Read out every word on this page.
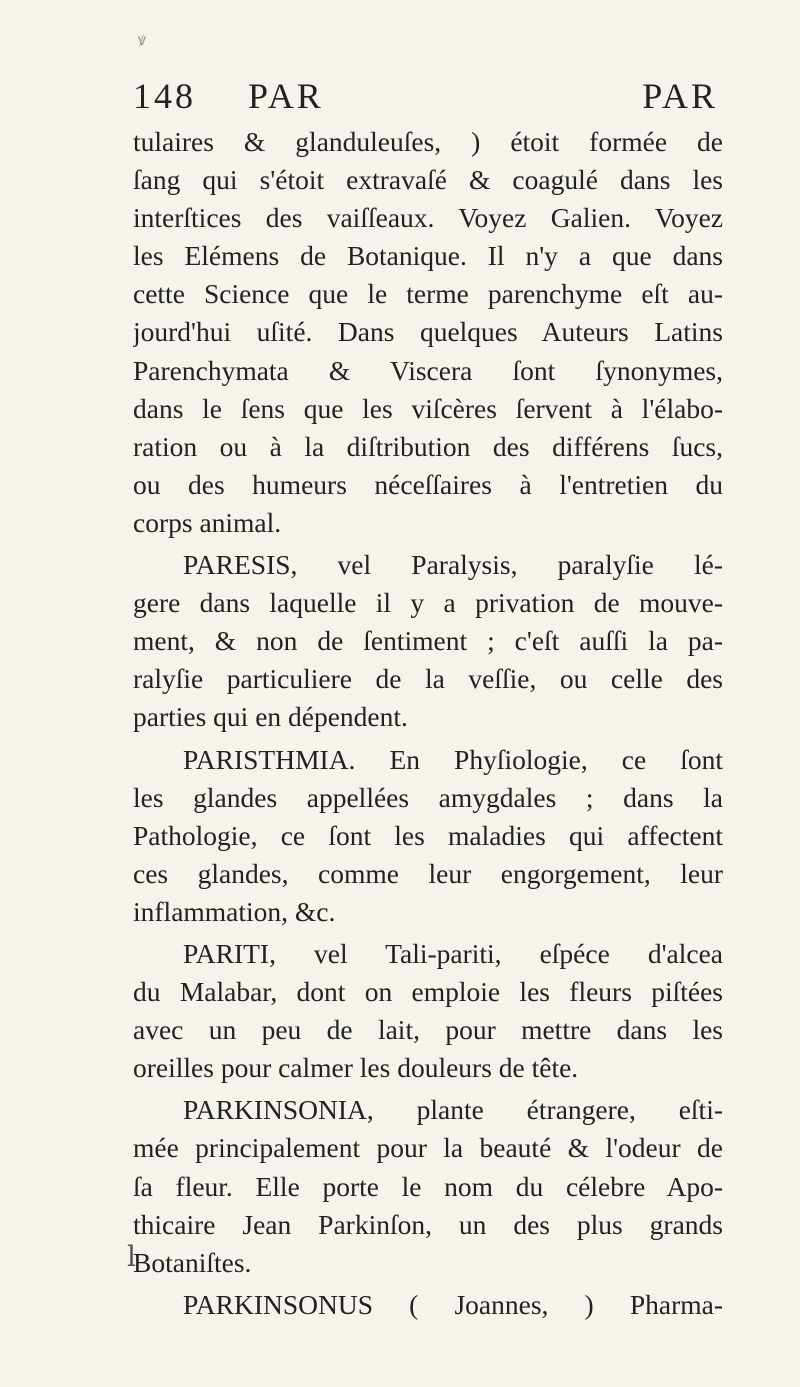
ꝟ
148 PAR	PAR
tulaires & glanduleuſes, ) étoit formée de
ſang qui s'étoit extravaſé & coagulé dans les
interſtices des vaiſſeaux. Voyez Galien. Voyez
les Elémens de Botanique. Il n'y a que dans
cette Science que le terme parenchyme eſt au-
jourd'hui uſité. Dans quelques Auteurs Latins
Parenchymata & Viscera ſont ſynonymes,
dans le ſens que les viſcères ſervent à l'élabo-
ration ou à la diſtribution des différens ſucs,
ou des humeurs néceſſaires à l'entretien du
corps animal.
PARESIS, vel Paralysis, paralyſie lé-
gere dans laquelle il y a privation de mouve-
ment, & non de ſentiment ; c'eſt auſſi la pa-
ralyſie particuliere de la veſſie, ou celle des
parties qui en dépendent.
PARISTHMIA. En Phyſiologie, ce ſont
les glandes appellées amygdales ; dans la
Pathologie, ce ſont les maladies qui affectent
ces glandes, comme leur engorgement, leur
inflammation, &c.
PARITI, vel Tali-pariti, eſpéce d'alcea
du Malabar, dont on emploie les fleurs piſtées
avec un peu de lait, pour mettre dans les
oreilles pour calmer les douleurs de tête.
PARKINSONIA, plante étrangere, eſti-
mée principalement pour la beauté & l'odeur de
ſa fleur. Elle porte le nom du célebre Apo-
thicaire Jean Parkinſon, un des plus grands
Botaniſtes.
PARKINSONUS ( Joannes, ) Pharma-
ⅼ
